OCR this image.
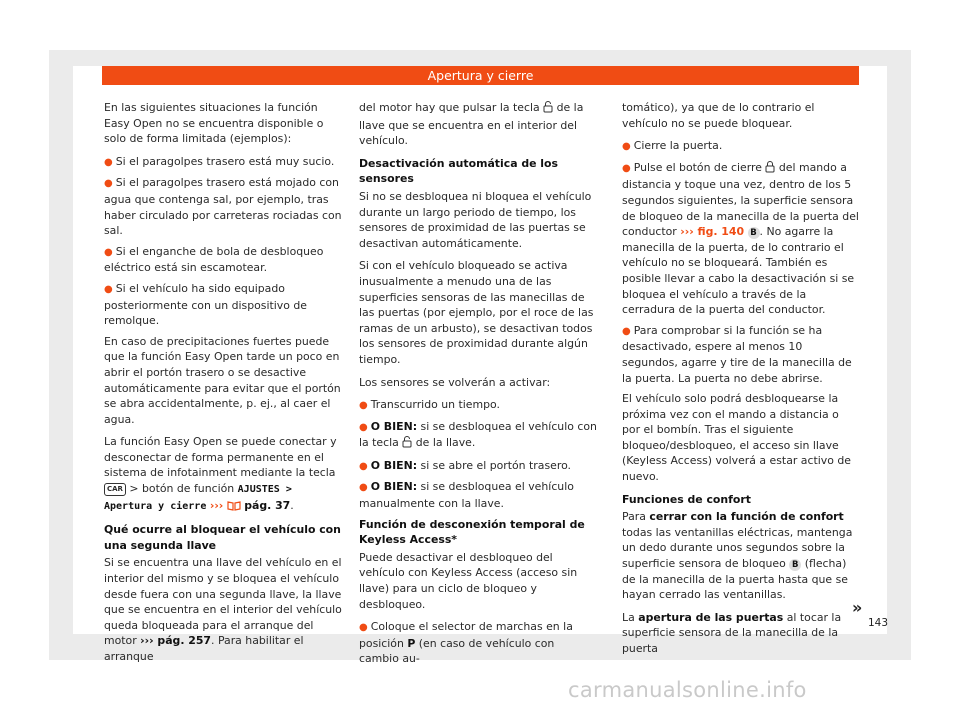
Apertura y cierre

En las siguientes situaciones la función Easy Open no se encuentra disponible o solo de forma limitada (ejemplos):

● Si el paragolpes trasero está muy sucio.
● Si el paragolpes trasero está mojado con agua que contenga sal, por ejemplo, tras haber circulado por carreteras rociadas con sal.
● Si el enganche de bola de desbloqueo eléctrico está sin escamotear.
● Si el vehículo ha sido equipado posteriormente con un dispositivo de remolque.

En caso de precipitaciones fuertes puede que la función Easy Open tarde un poco en abrir el portón trasero o se desactive automáticamente para evitar que el portón se abra accidentalmente, p. ej., al caer el agua.

La función Easy Open se puede conectar y desconectar de forma permanente en el sistema de infotainment mediante la tecla CAR > botón de función AJUSTES > Apertura y cierre ››› pág. 37.

Qué ocurre al bloquear el vehículo con una segunda llave

Si se encuentra una llave del vehículo en el interior del mismo y se bloquea el vehículo desde fuera con una segunda llave, la llave que se encuentra en el interior del vehículo queda bloqueada para el arranque del motor ››› pág. 257. Para habilitar el arranque

del motor hay que pulsar la tecla de la llave que se encuentra en el interior del vehículo.

Desactivación automática de los sensores

Si no se desbloquea ni bloquea el vehículo durante un largo periodo de tiempo, los sensores de proximidad de las puertas se desactivan automáticamente.

Si con el vehículo bloqueado se activa inusualmente a menudo una de las superficies sensoras de las manecillas de las puertas (por ejemplo, por el roce de las ramas de un arbusto), se desactivan todos los sensores de proximidad durante algún tiempo.

Los sensores se volverán a activar:

● Transcurrido un tiempo.
● O BIEN: si se desbloquea el vehículo con la tecla de la llave.
● O BIEN: si se abre el portón trasero.
● O BIEN: si se desbloquea el vehículo manualmente con la llave.
Función de desconexión temporal de Keyless Access*

Puede desactivar el desbloqueo del vehículo con Keyless Access (acceso sin llave) para un ciclo de bloqueo y desbloqueo.

● Coloque el selector de marchas en la posición P (en caso de vehículo con cambio au-

tomático), ya que de lo contrario el vehículo no se puede bloquear.

● Cierre la puerta.
● Pulse el botón de cierre del mando a distancia y toque una vez, dentro de los 5 segundos siguientes, la superficie sensora de bloqueo de la manecilla de la puerta del conductor ››› fig. 140 B . No agarre la manecilla de la puerta, de lo contrario el vehículo no se bloqueará. También es posible llevar a cabo la desactivación si se bloquea el vehículo a través de la cerradura de la puerta del conductor.
● Para comprobar si la función se ha desactivado, espere al menos 10 segundos, agarre y tire de la manecilla de la puerta. La puerta no debe abrirse.

El vehículo solo podrá desbloquearse la próxima vez con el mando a distancia o por el bombín. Tras el siguiente bloqueo/desbloqueo, el acceso sin llave (Keyless Access) volverá a estar activo de nuevo.

Funciones de confort

Para cerrar con la función de confort todas las ventanillas eléctricas, mantenga un dedo durante unos segundos sobre la superficie sensora de bloqueo B (flecha) de la manecilla de la puerta hasta que se hayan cerrado las ventanillas.

La apertura de las puertas al tocar la superficie sensora de la manecilla de la puerta

»
143
carmanualsonline.info
